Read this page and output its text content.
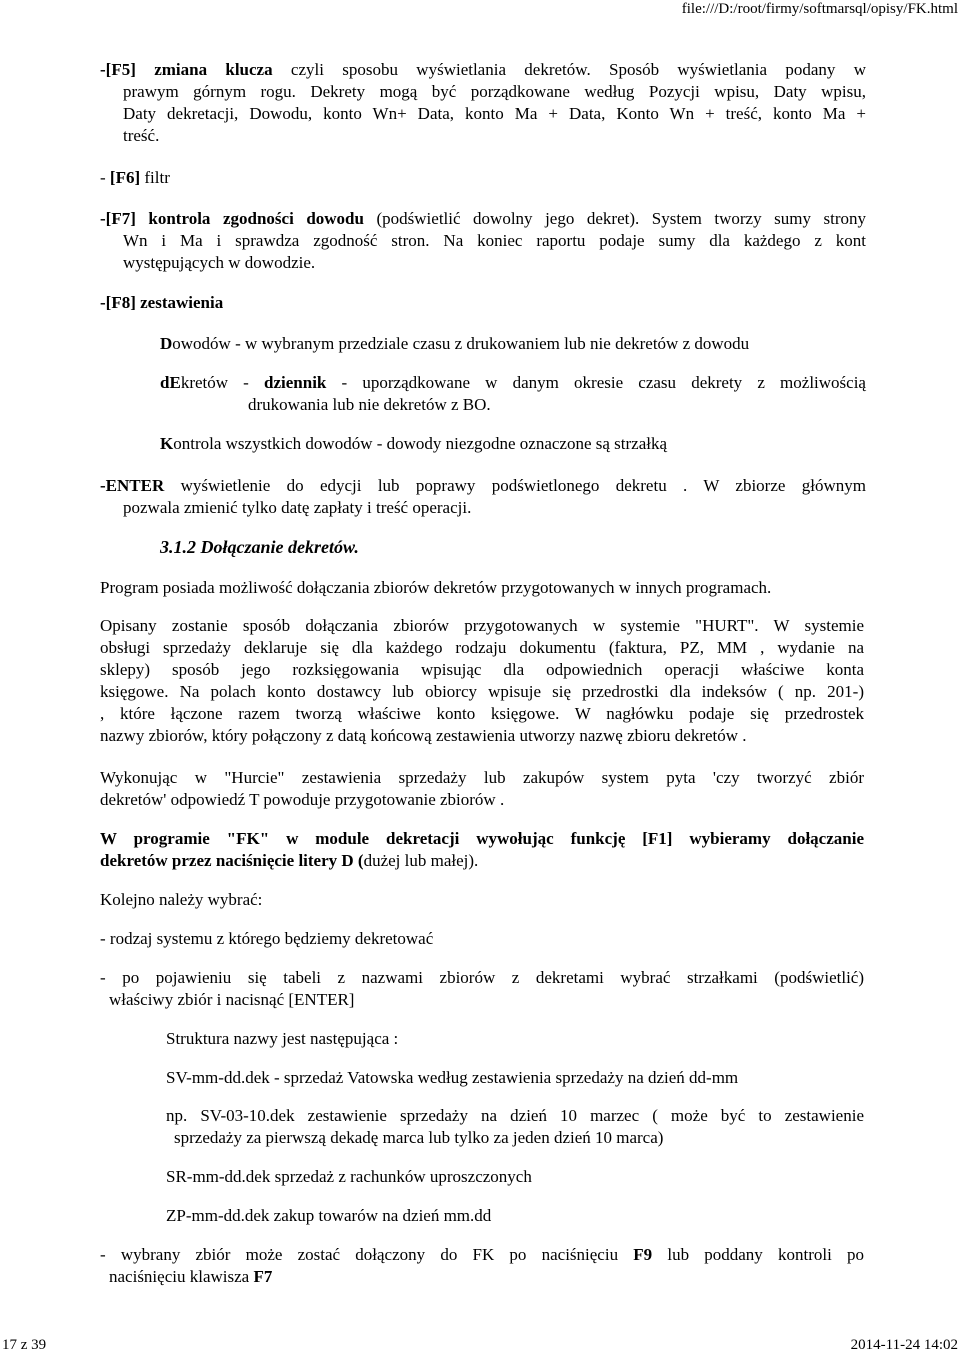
file:///D:/root/firmy/softmarsql/opisy/FK.html
-[F5] zmiana klucza czyli sposobu wyświetlania dekretów. Sposób wyświetlania podany w
prawym górnym rogu. Dekrety mogą być porządkowane według Pozycji wpisu, Daty wpisu,
Daty dekretacji, Dowodu, konto Wn+ Data, konto Ma + Data, Konto Wn + treść, konto Ma +
treść.
- [F6] filtr
-[F7] kontrola zgodności dowodu (podświetlić dowolny jego dekret). System tworzy sumy strony
Wn i Ma i sprawdza zgodność stron. Na koniec raportu podaje sumy dla każdego z kont
występujących w dowodzie.
-[F8] zestawienia
Dowodów - w wybranym przedziale czasu z drukowaniem lub nie dekretów z dowodu
dEkretów - dziennik - uporządkowane w danym okresie czasu dekrety z możliwością
drukowania lub nie dekretów z BO.
Kontrola wszystkich dowodów - dowody niezgodne oznaczone są strzałką
-ENTER wyświetlenie do edycji lub poprawy podświetlonego dekretu . W zbiorze głównym
pozwala zmienić tylko datę zapłaty i treść operacji.
3.1.2 Dołączanie dekretów.
Program posiada możliwość dołączania zbiorów dekretów przygotowanych w innych programach.
Opisany zostanie sposób dołączania zbiorów przygotowanych w systemie "HURT". W systemie
obsługi sprzedaży deklaruje się dla każdego rodzaju dokumentu (faktura, PZ, MM , wydanie na
sklepy) sposób jego rozksięgowania wpisując dla odpowiednich operacji właściwe konta
księgowe. Na polach konto dostawcy lub obiorcy wpisuje się przedrostki dla indeksów ( np. 201-)
, które łączone razem tworzą właściwe konto księgowe. W nagłówku podaje się przedrostek
nazwy zbiorów, który połączony z datą końcową zestawienia utworzy nazwę zbioru dekretów .
Wykonując w "Hurcie" zestawienia sprzedaży lub zakupów system pyta 'czy tworzyć zbiór
dekretów' odpowiedź T powoduje przygotowanie zbiorów .
W programie "FK" w module dekretacji wywołując funkcję [F1] wybieramy dołączanie
dekretów przez naciśnięcie litery D (dużej lub małej).
Kolejno należy wybrać:
- rodzaj systemu z którego będziemy dekretować
- po pojawieniu się tabeli z nazwami zbiorów z dekretami wybrać strzałkami (podświetlić)
właściwy zbiór i nacisnąć [ENTER]
Struktura nazwy jest następująca :
SV-mm-dd.dek - sprzedaż Vatowska według zestawienia sprzedaży na dzień dd-mm
np. SV-03-10.dek zestawienie sprzedaży na dzień 10 marzec ( może być to zestawienie
sprzedaży za pierwszą dekadę marca lub tylko za jeden dzień 10 marca)
SR-mm-dd.dek sprzedaż z rachunków uproszczonych
ZP-mm-dd.dek zakup towarów na dzień mm.dd
- wybrany zbiór może zostać dołączony do FK po naciśnięciu F9 lub poddany kontroli po
naciśnięciu klawisza F7
17 z 39	2014-11-24 14:02
